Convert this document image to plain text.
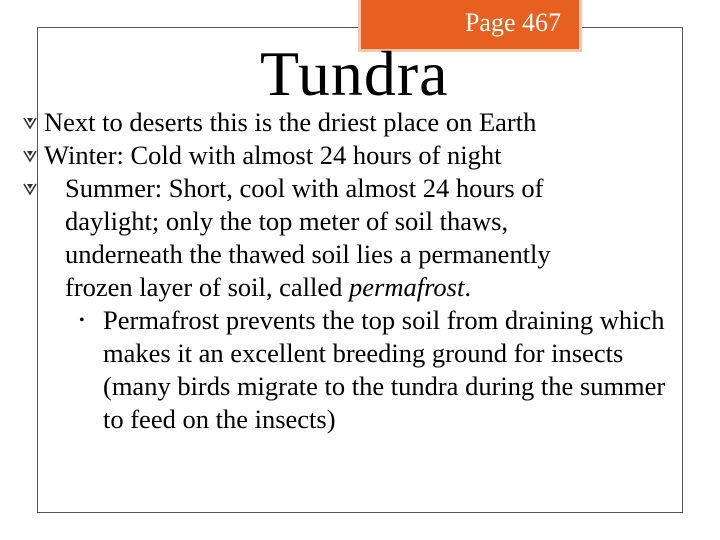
Page 467
Tundra
Next to deserts this is the driest place on Earth
Winter: Cold with almost 24 hours of night
Summer: Short, cool with almost 24 hours of daylight; only the top meter of soil thaws, underneath the thawed soil lies a permanently frozen layer of soil, called permafrost.
• Permafrost prevents the top soil from draining which makes it an excellent breeding ground for insects (many birds migrate to the tundra during the summer to feed on the insects)
